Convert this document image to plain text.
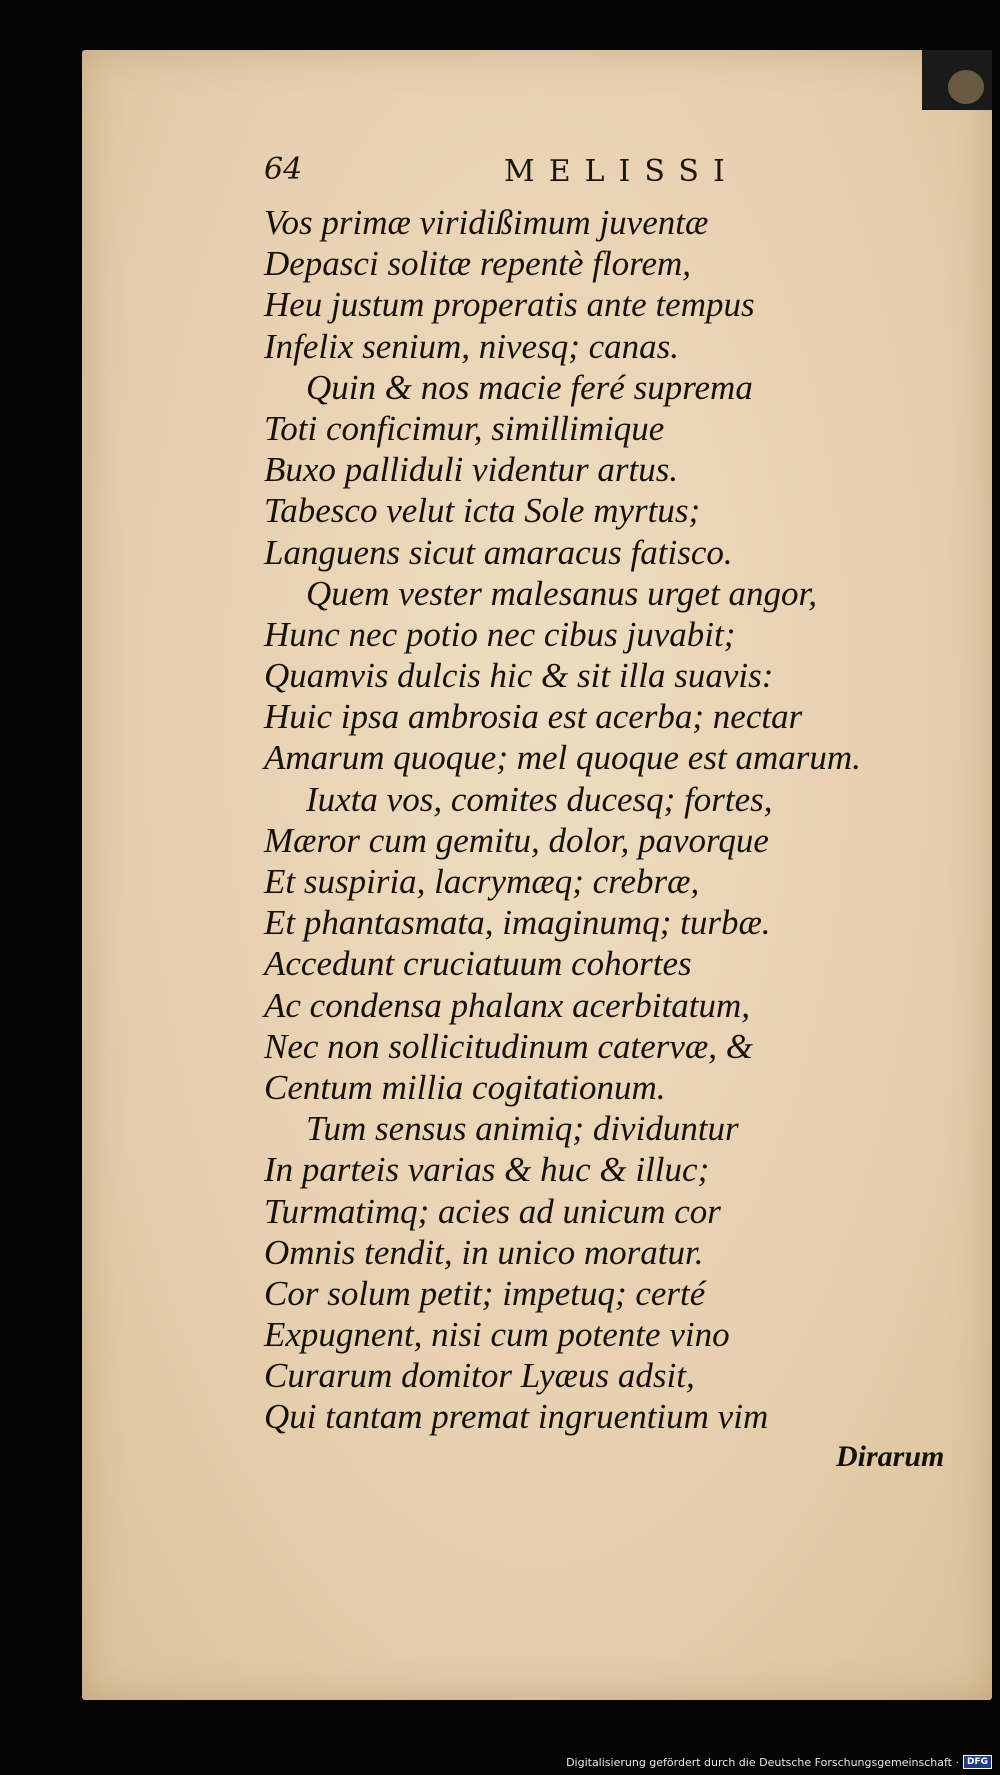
64	MELISSI
Vos primæ viridißimum juventæ
Depasci solitæ repentè florem,
Heu justum properatis ante tempus
Infelix senium, nivesq; canas.
Quin & nos macie feré suprema
Toti conficimur, simillimique
Buxo palliduli videntur artus.
Tabesco velut icta Sole myrtus;
Languens sicut amaracus fatisco.
Quem vester malesanus urget angor,
Hunc nec potio nec cibus juvabit;
Quamvis dulcis hic & sit illa suavis:
Huic ipsa ambrosia est acerba; nectar
Amarum quoque; mel quoque est amarum.
Iuxta vos, comites ducesq; fortes,
Mæror cum gemitu, dolor, pavorque
Et suspiria, lacrymæq; crebræ,
Et phantasmata, imaginumq; turbæ.
Accedunt cruciatuum cohortes
Ac condensa phalanx acerbitatum,
Nec non sollicitudinum catervæ, &
Centum millia cogitationum.
Tum sensus animiq; dividuntur
In parteis varias & huc & illuc;
Turmatimq; acies ad unicum cor
Omnis tendit, in unico moratur.
Cor solum petit; impetuq; certé
Expugnent, nisi cum potente vino
Curarum domitor Lyæus adsit,
Qui tantam premat ingruentium vim
Dirarum
Digitalisierung gefördert durch die Deutsche Forschungsgemeinschaft · DFG
